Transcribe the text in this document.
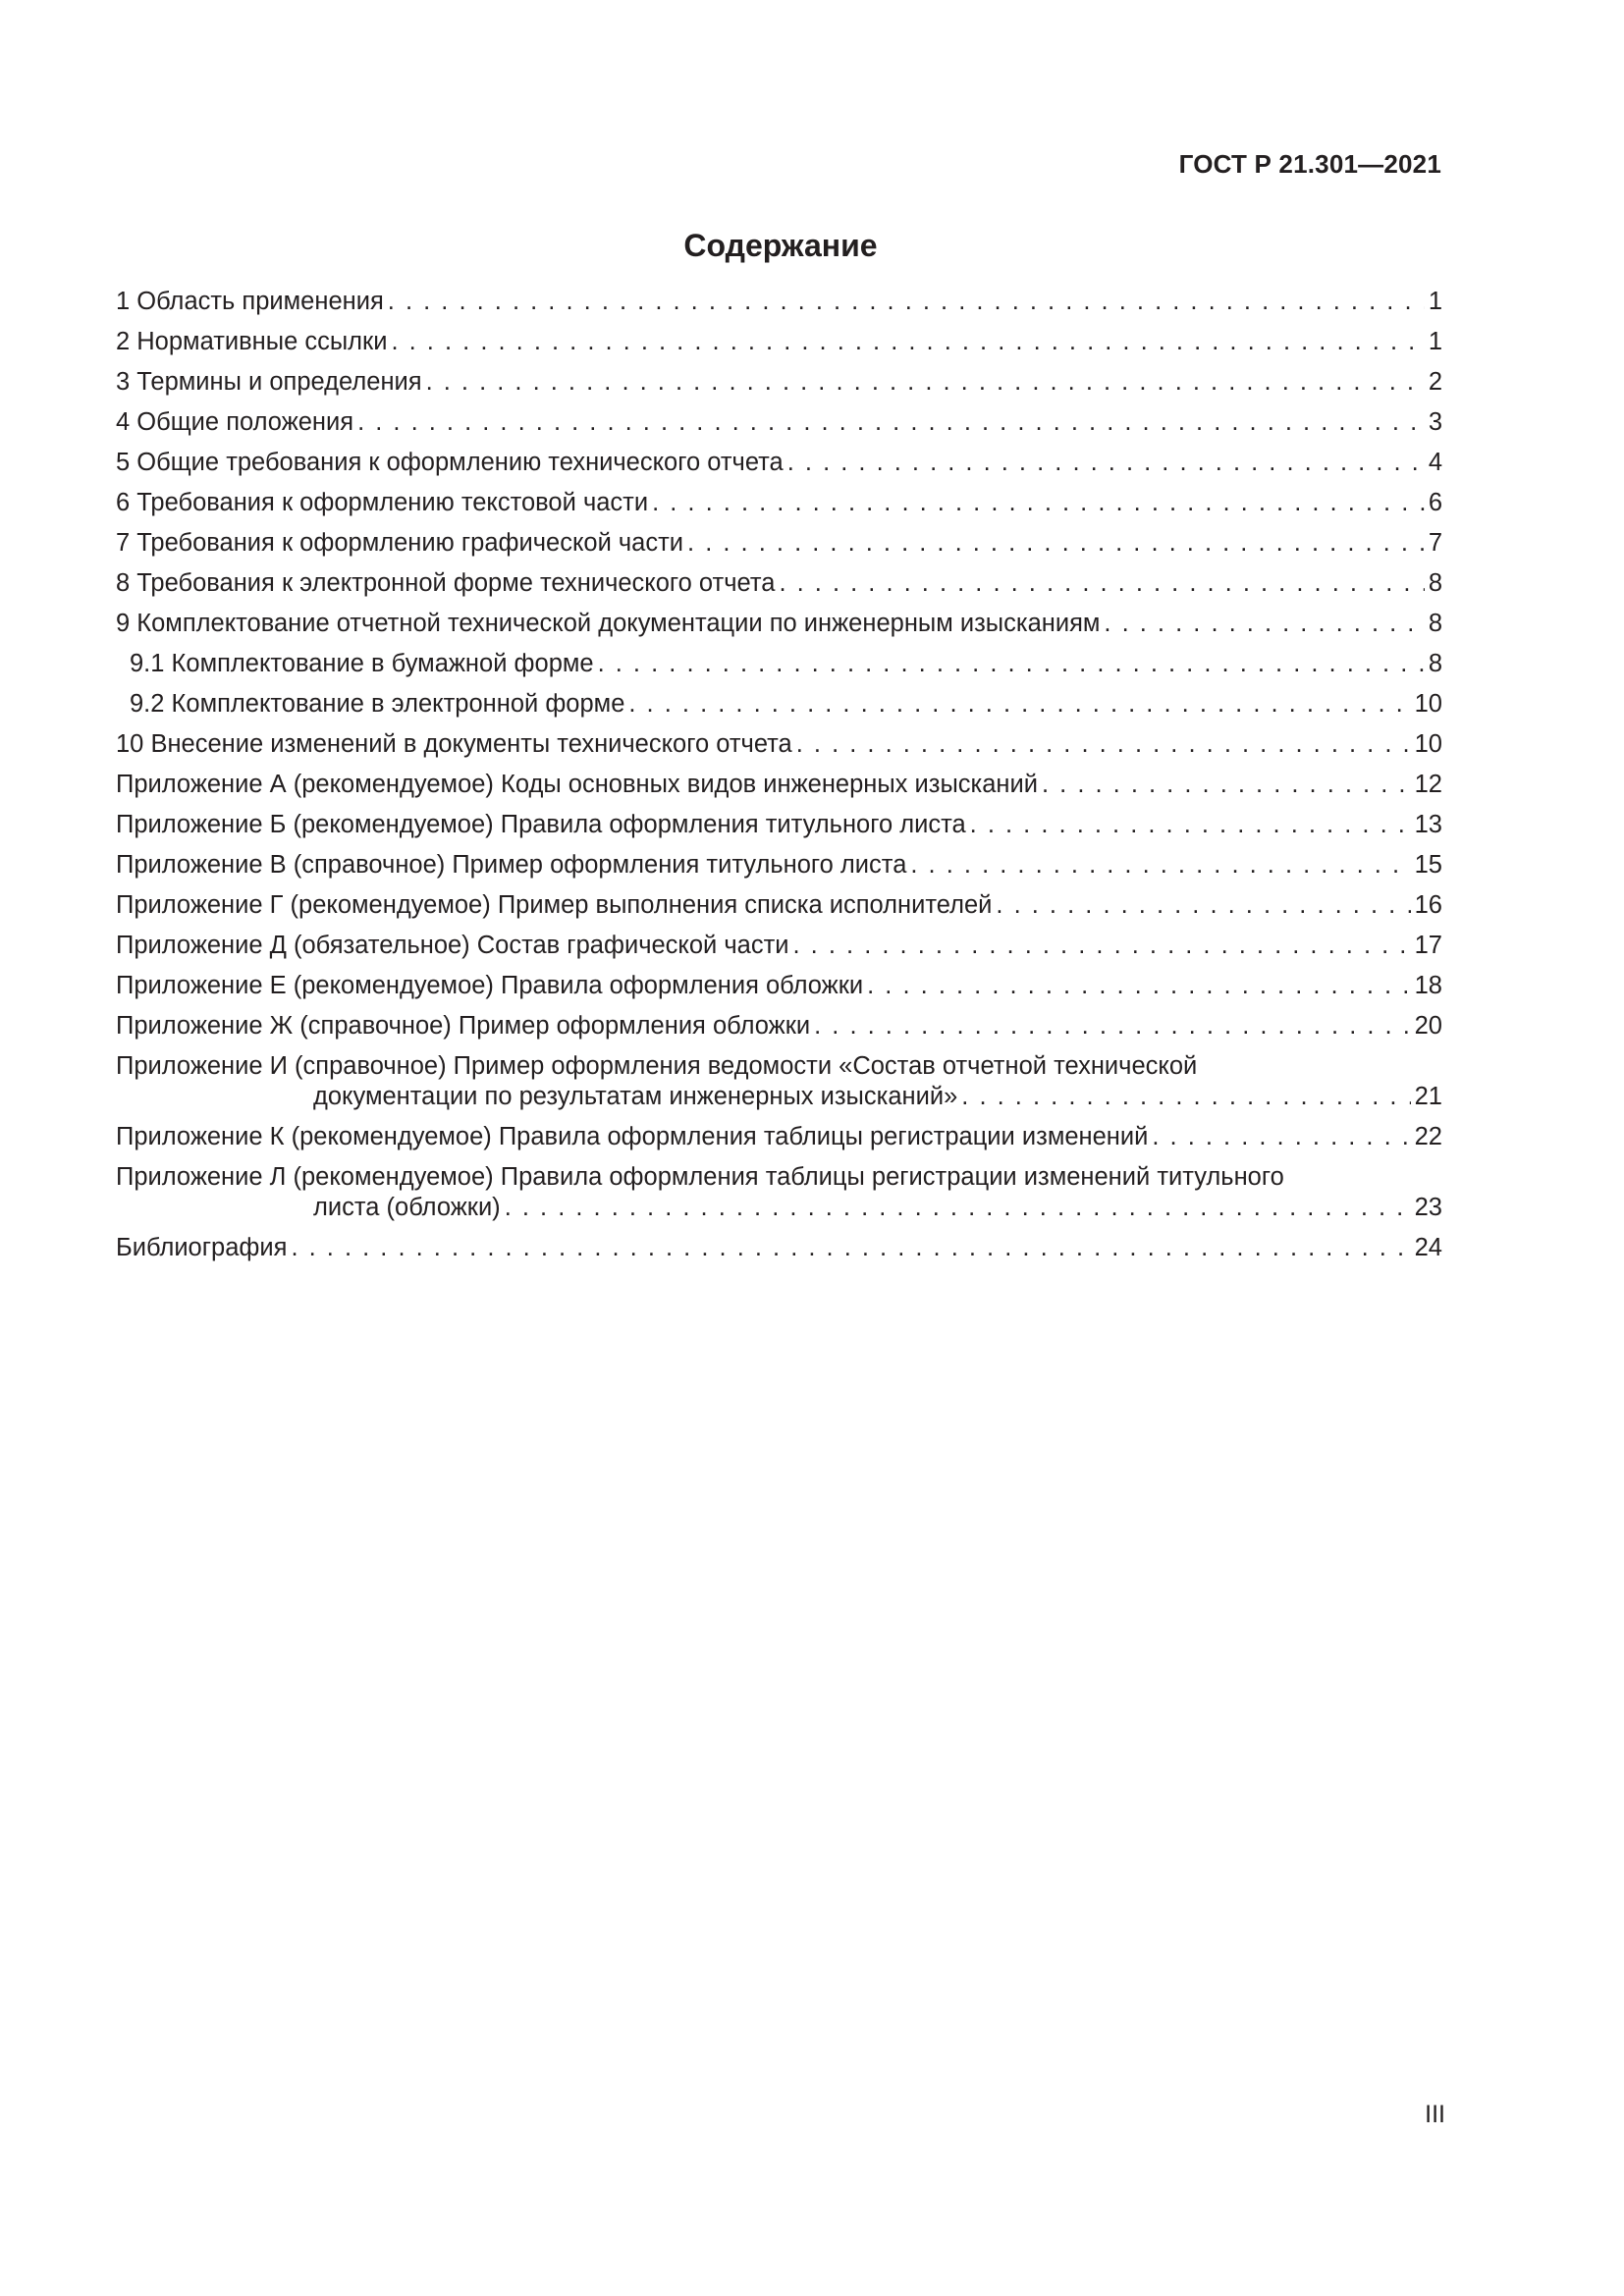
ГОСТ Р 21.301—2021
Содержание
1 Область применения . . .	1
2 Нормативные ссылки . . .	1
3 Термины и определения . . .	2
4 Общие положения . . .	3
5 Общие требования к оформлению технического отчета . . .	4
6 Требования к оформлению текстовой части . . .	6
7 Требования к оформлению графической части . . .	7
8 Требования к электронной форме технического отчета . . .	8
9 Комплектование отчетной технической документации по инженерным изысканиям . . .	8
9.1 Комплектование в бумажной форме . . .	8
9.2 Комплектование в электронной форме . . .	10
10 Внесение изменений в документы технического отчета . . .	10
Приложение А (рекомендуемое) Коды основных видов инженерных изысканий . . .	12
Приложение Б (рекомендуемое) Правила оформления титульного листа . . .	13
Приложение В (справочное) Пример оформления титульного листа . . .	15
Приложение Г (рекомендуемое) Пример выполнения списка исполнителей . . .	16
Приложение Д (обязательное) Состав графической части . . .	17
Приложение Е (рекомендуемое) Правила оформления обложки . . .	18
Приложение Ж (справочное) Пример оформления обложки . . .	20
Приложение И (справочное) Пример оформления ведомости «Состав отчетной технической
документации по результатам инженерных изысканий» . . .	21
Приложение К (рекомендуемое) Правила оформления таблицы регистрации изменений . . .	22
Приложение Л (рекомендуемое) Правила оформления таблицы регистрации изменений титульного
листа (обложки) . . .	23
Библиография . . .	24
III
